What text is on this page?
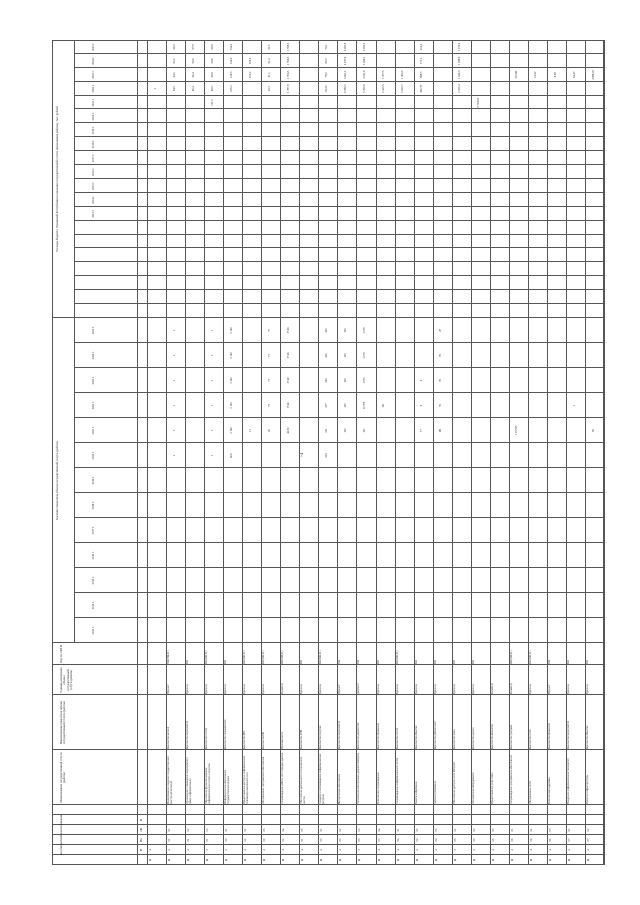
7
Значение показателя объема государственной услуги (работы)
Расходы бюджета Чувашской Республики на оказание государственной услуги (выполнение работы), тыс. рублей
Код бюджетной классификации
Наименование государственной услуги (работы)
Наименование показателя объема государственной услуги (работы)
Единица измерения объема государственной услуги (работы)
Код по ОКЕИ
П
Пп
ОМ
М
2013 г.
2014 г.
2015 г.
2016 г.
2017 г.
2018 г.
2019 г.
2020 г.
2021 г.
2022 г.
2023 г.
2024 г.
2025 г.
2013 г.
2014 г.
2015 г.
2016 г.
2017 г.
2018 г.
2019 г.
2020 г.
2021 г.
2022 г.
2023 г.
2024 г.
2025 г.
Ц
4
1
Ц
4
01
01
Формирование и ведение государственного реестра организаций
Количество записей
Процент
744 (744,01)
1
1
1
1
1
1
94,5
94,5
95,0
96,0
Ц
4
01
02
Организация и проведение мероприятий в сфере информатизации
Количество мероприятий
Единица
642
96,4
96,4
96,9
97,8
Ц
4
01
03
Обеспечение функционирования информационных систем и ресурсов
Количество систем
Единица
642 (642,01)
1
1
1
1
1
1
131,5
69,9
69,8
69,8
69,8
Ц
4
02
01
Информационное обеспечение государственных органов
Количество пользователей
Единица
642
60,0
2 166
2 193
2 160
2 160
2 160
235,3
139,5
154,6
154,6
Ц
4
02
02
Предоставление доступа к информационно-телекоммуникационной сети
Количество ЛВС
Единица
642 (642,01)
11
105,2
106,9
Ц
4
02
03
Обслуживание программного обеспечения
Количество ПК
Единица
642 (642,01)
20
71
71
71
71
95,3
91,1
91,4
91,5
Ц
4
02
04
Сопровождение работы сети передачи данных
Протяженность
Километр
008 (008,01)
42,50
17,66
17,66
17,66
17,66
1 787,9
1 766,5
1 766,5
1 768,5
Ц
4
02
05
Обеспечение деятельности ситуационного центра
Количество АРМ
Единица
642
Ц
4
03
01
Создание и сопровождение информационных ресурсов
Количество ресурсов
Единица
642 (642,01)
234
231
237
243
243
243
95,50
78,0
80,3
79,1
Ц
4
03
02
Методическое обеспечение
Количество мероприятий
Процент
744
120
120
120
120
120
6 082,5
5 661,5
6 237,9
6 265,8
Ц
4
03
03
Организация электронного документооборота
Количество документов
Документ
744
101
10 700
1 071
1 070
1 070
5 765,8
3 911,8
3 949,1
3 974,5
Ц
4
03
04
Техническое сопровождение
Количество обращений
Единица
642
101
2 163,5
1 477,5
Ц
4
04
01
Сопровождение информационных систем
Количество систем
Единица
642 (642,01)
5 163,7
1 493,5
Ц
4
04
02
Защита информации
Количество объектов
Единица
642
17
6
4
420,70
898,5
171,1
214,4
Ц
4
04
03
Администрирование
Количество рабочих мест
Единица
642
181
76
76
76
47
Ц
4
05
01
Обеспечение доступа к сети Интернет
Количество точек
Единица
642
2 165,4
1 542,0
1 048,9
1 174,5
Ц
4
05
02
Эксплуатация оборудования
Количество единиц
Единица
642
6 793,00
Ц
4
05
03
Предоставление услуг связи
Количество абонентов
Километр
Ц
4
06
01
Сопровождение программного обеспечения
Количество программ
Километр
008 (008,01)
1 157,85
513,98
Ц
4
06
02
Обслуживание сетей
Количество сетей
Единица
642 (642,01)
14,52
Ц
4
06
03
Техническая поддержка
Количество обращений
Процент
744
8,38
Ц
4
07
01
Внедрение информационных технологий
Количество мероприятий
Единица
642
1
64,47
Ц
4
07
02
Развитие инфраструктуры
Количество объектов
Единица
642
82
6088,03
